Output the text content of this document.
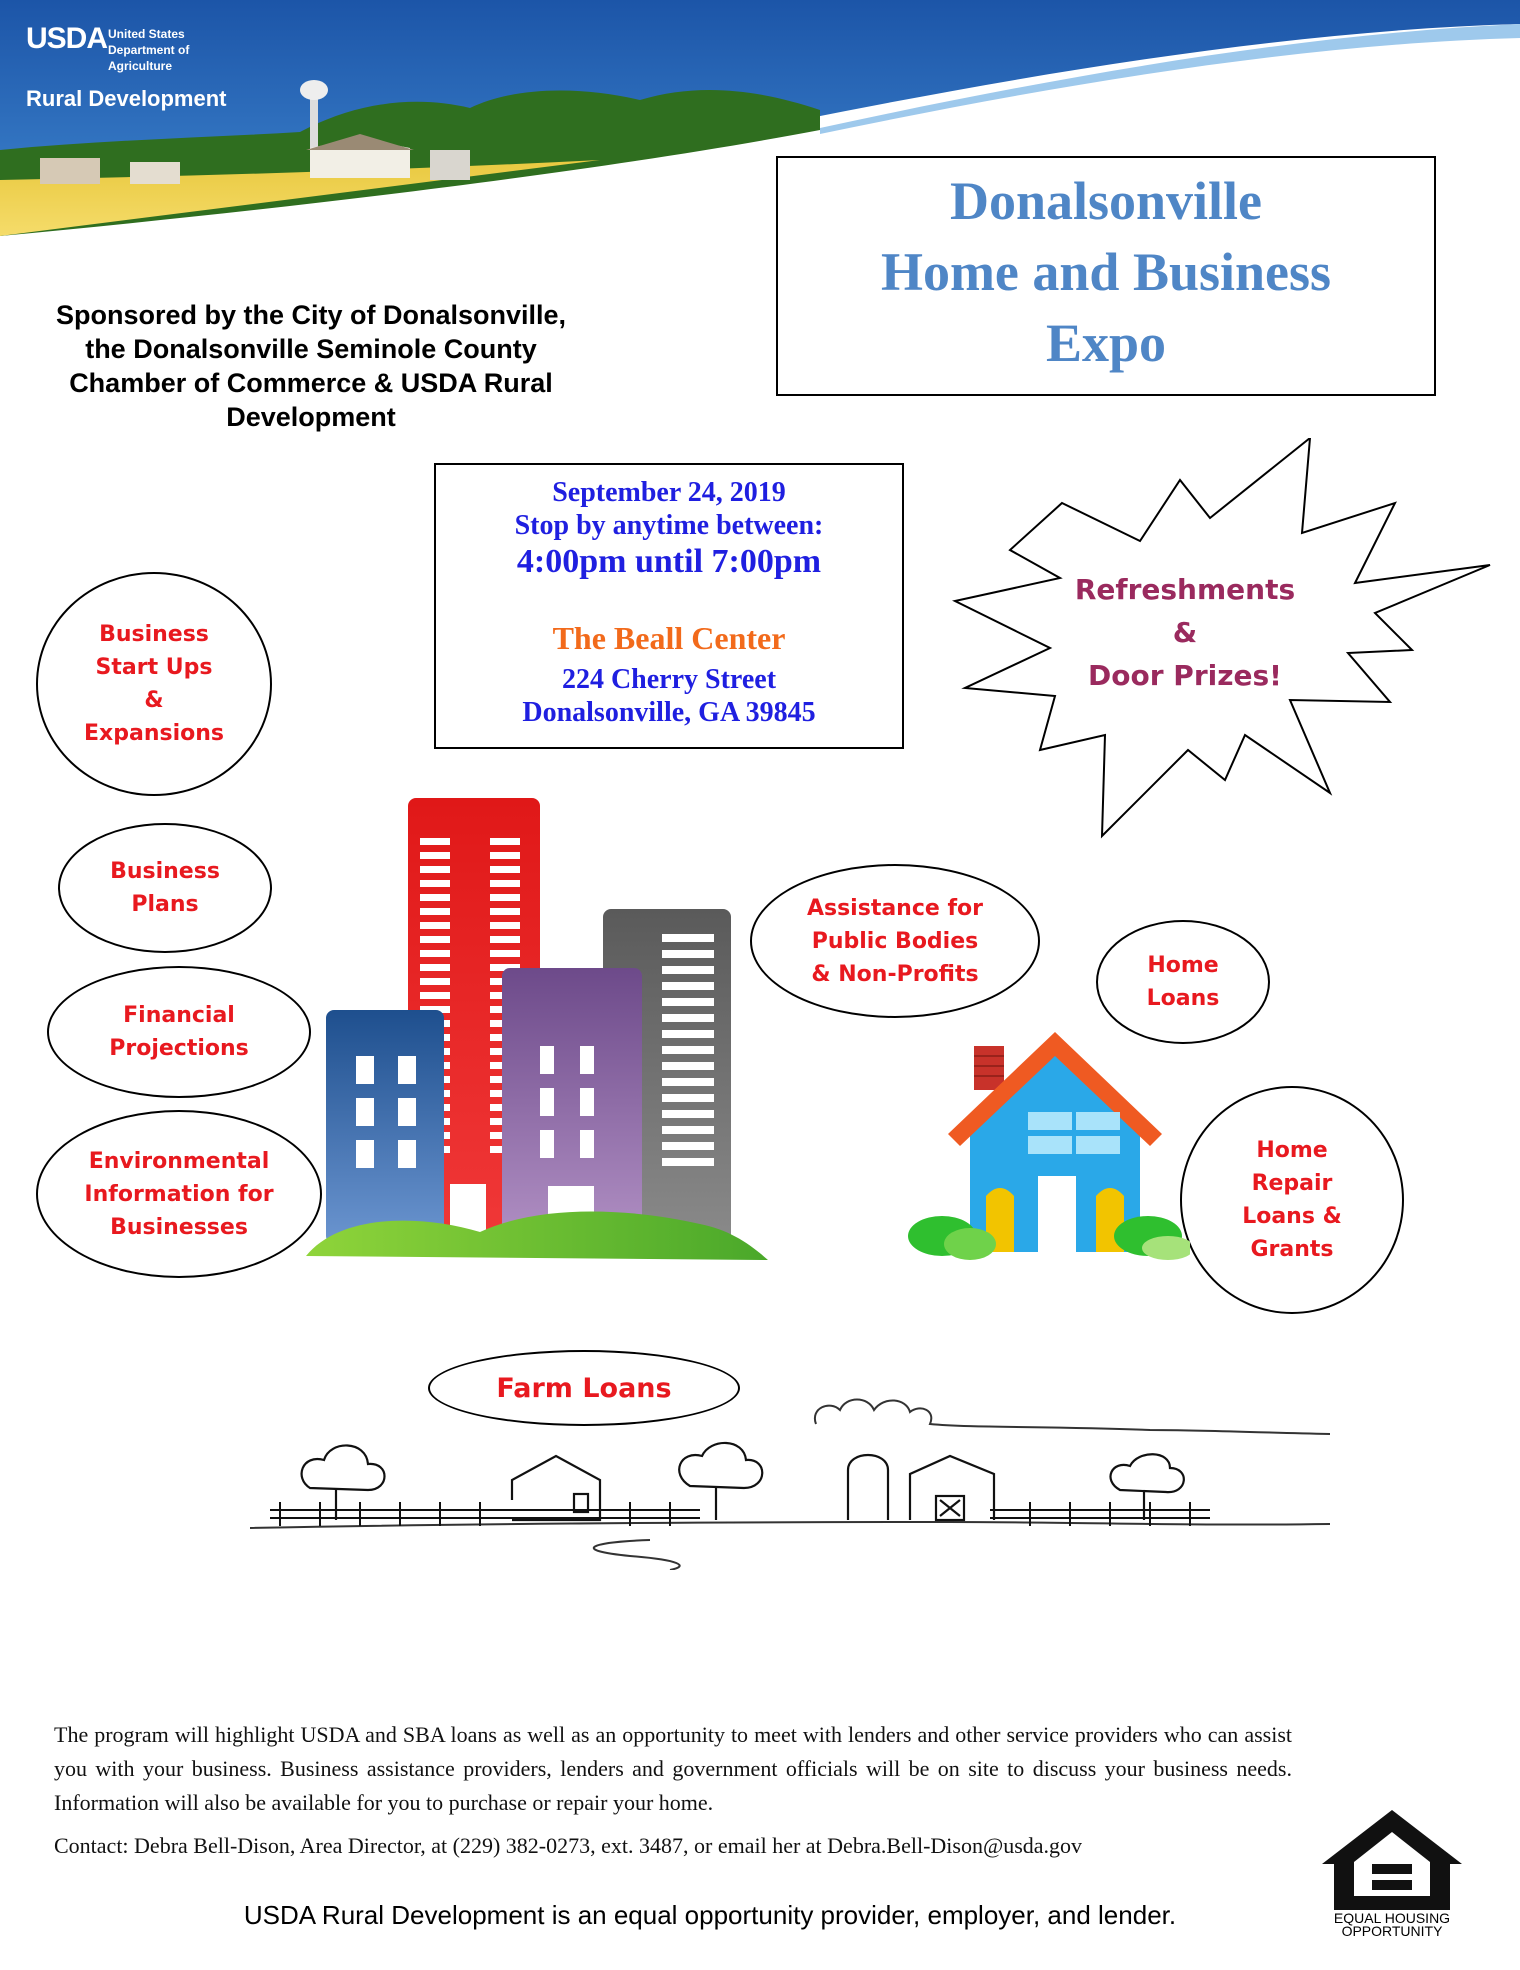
USDA United States
Department of
Agriculture
Rural Development
Donalsonville
Home and Business
Expo
Sponsored by the City of Donalsonville,
the Donalsonville Seminole County
Chamber of Commerce & USDA Rural
Development
September 24, 2019
Stop by anytime between:
4:00pm until 7:00pm
The Beall Center
224 Cherry Street
Donalsonville, GA 39845
Refreshments
&
Door Prizes!
Business
Start Ups
&
Expansions
Business
Plans
Financial
Projections
Environmental
Information for
Businesses
Assistance for
Public Bodies
& Non-Profits	Home
Loans
Home
Repair
Loans &
Grants
Farm Loans
The program will highlight USDA and SBA loans as well as an opportunity to meet with lenders and other service providers who can assist you with your business. Business assistance providers, lenders and government officials will be on site to discuss your business needs. Information will also be available for you to purchase or repair your home.
Contact: Debra Bell-Dison, Area Director, at (229) 382-0273, ext. 3487, or email her at Debra.Bell-Dison@usda.gov
USDA Rural Development is an equal opportunity provider, employer, and lender.	EQUAL HOUSING
OPPORTUNITY
